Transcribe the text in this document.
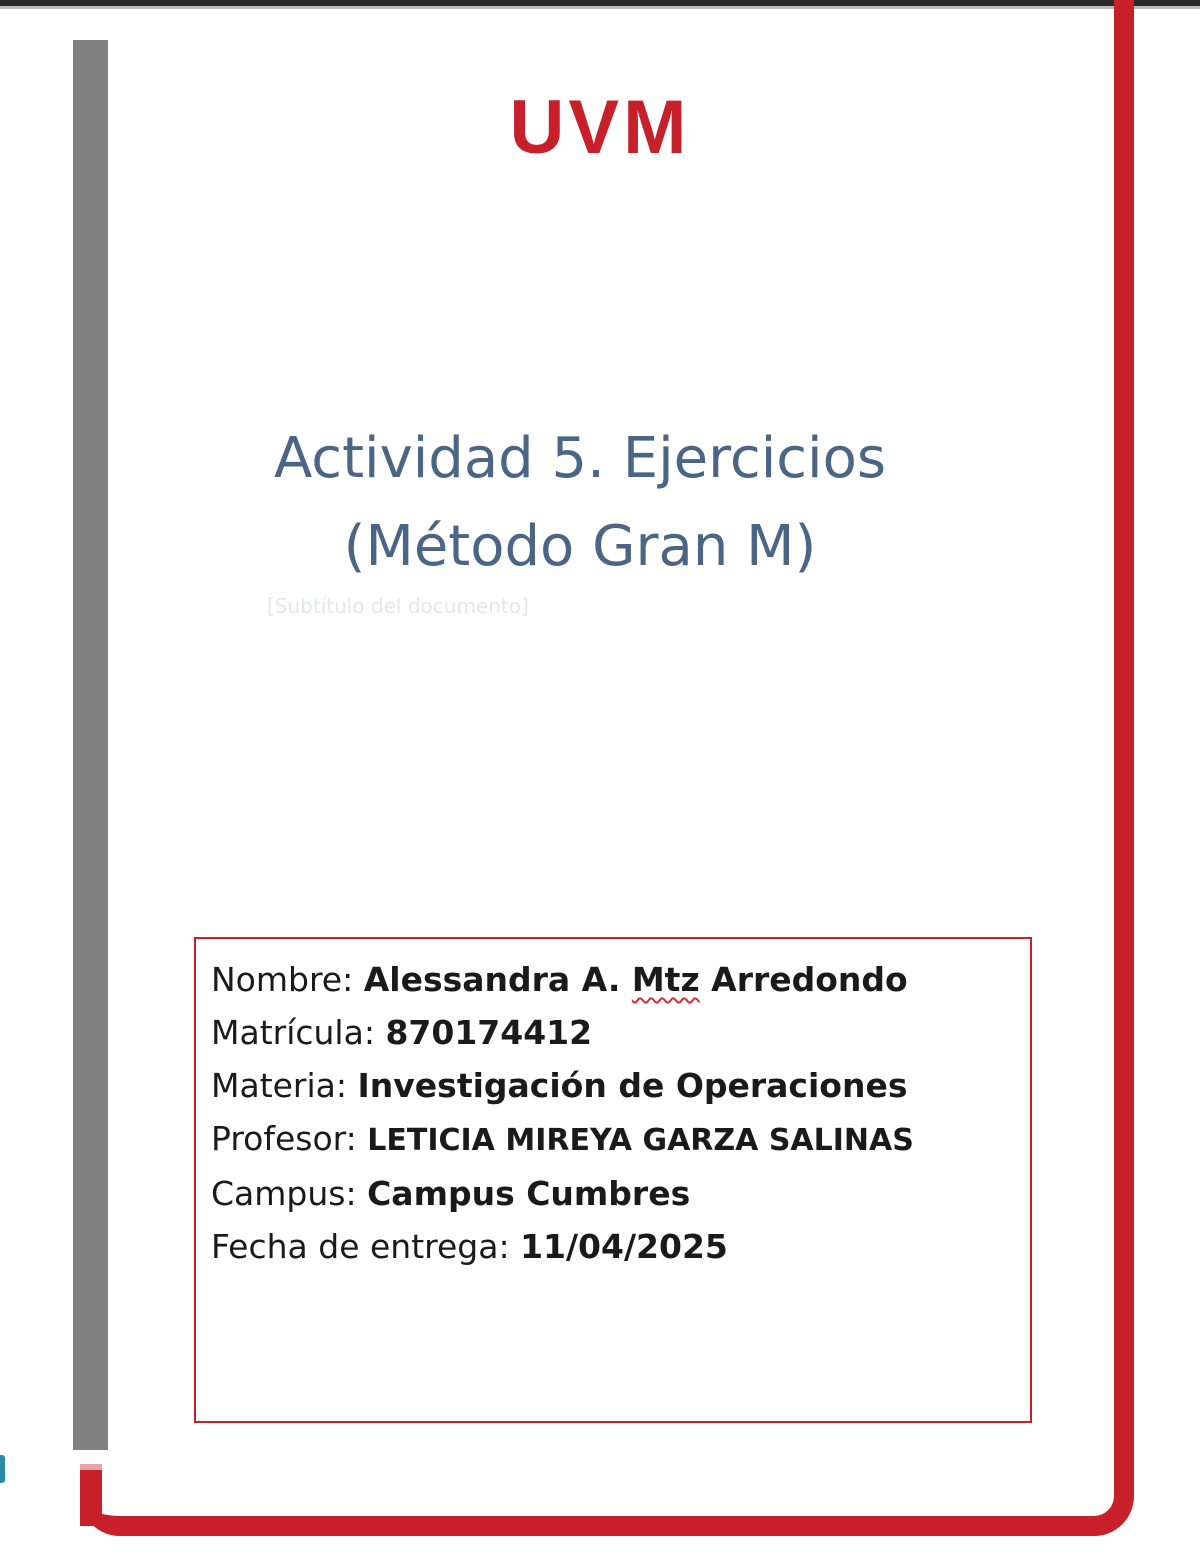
UVM
Actividad 5. Ejercicios
(Método Gran M)
[Subtítulo del documento]
Nombre: Alessandra A. Mtz Arredondo
Matrícula: 870174412
Materia: Investigación de Operaciones
Profesor: LETICIA MIREYA GARZA SALINAS
Campus: Campus Cumbres
Fecha de entrega: 11/04/2025
